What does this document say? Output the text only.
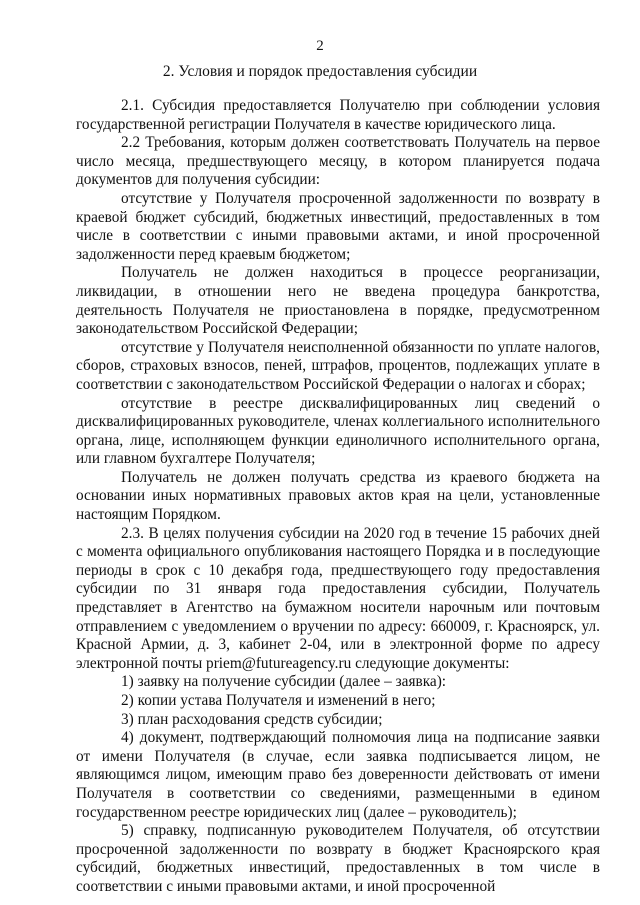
2
2. Условия и порядок предоставления субсидии

2.1. Субсидия предоставляется Получателю при соблюдении условия государственной регистрации Получателя в качестве юридического лица.

2.2 Требования, которым должен соответствовать Получатель на первое число месяца, предшествующего месяцу, в котором планируется подача документов для получения субсидии:

отсутствие у Получателя просроченной задолженности по возврату в краевой бюджет субсидий, бюджетных инвестиций, предоставленных в том числе в соответствии с иными правовыми актами, и иной просроченной задолженности перед краевым бюджетом;

Получатель не должен находиться в процессе реорганизации, ликвидации, в отношении него не введена процедура банкротства, деятельность Получателя не приостановлена в порядке, предусмотренном законодательством Российской Федерации;

отсутствие у Получателя неисполненной обязанности по уплате налогов, сборов, страховых взносов, пеней, штрафов, процентов, подлежащих уплате в соответствии с законодательством Российской Федерации о налогах и сборах;

отсутствие в реестре дисквалифицированных лиц сведений о дисквалифицированных руководителе, членах коллегиального исполнительного органа, лице, исполняющем функции единоличного исполнительного органа, или главном бухгалтере Получателя;

Получатель не должен получать средства из краевого бюджета на основании иных нормативных правовых актов края на цели, установленные настоящим Порядком.

2.3. В целях получения субсидии на 2020 год в течение 15 рабочих дней с момента официального опубликования настоящего Порядка и в последующие периоды в срок с 10 декабря года, предшествующего году предоставления субсидии по 31 января года предоставления субсидии, Получатель представляет в Агентство на бумажном носители нарочным или почтовым отправлением с уведомлением о вручении по адресу: 660009, г. Красноярск, ул. Красной Армии, д. 3, кабинет 2-04, или в электронной форме по адресу электронной почты priem@futureagency.ru следующие документы:

1) заявку на получение субсидии (далее – заявка):

2) копии устава Получателя и изменений в него;

3) план расходования средств субсидии;

4) документ, подтверждающий полномочия лица на подписание заявки от имени Получателя (в случае, если заявка подписывается лицом, не являющимся лицом, имеющим право без доверенности действовать от имени Получателя в соответствии со сведениями, размещенными в едином государственном реестре юридических лиц (далее – руководитель);

5) справку, подписанную руководителем Получателя, об отсутствии просроченной задолженности по возврату в бюджет Красноярского края субсидий, бюджетных инвестиций, предоставленных в том числе в соответствии с иными правовыми актами, и иной просроченной
